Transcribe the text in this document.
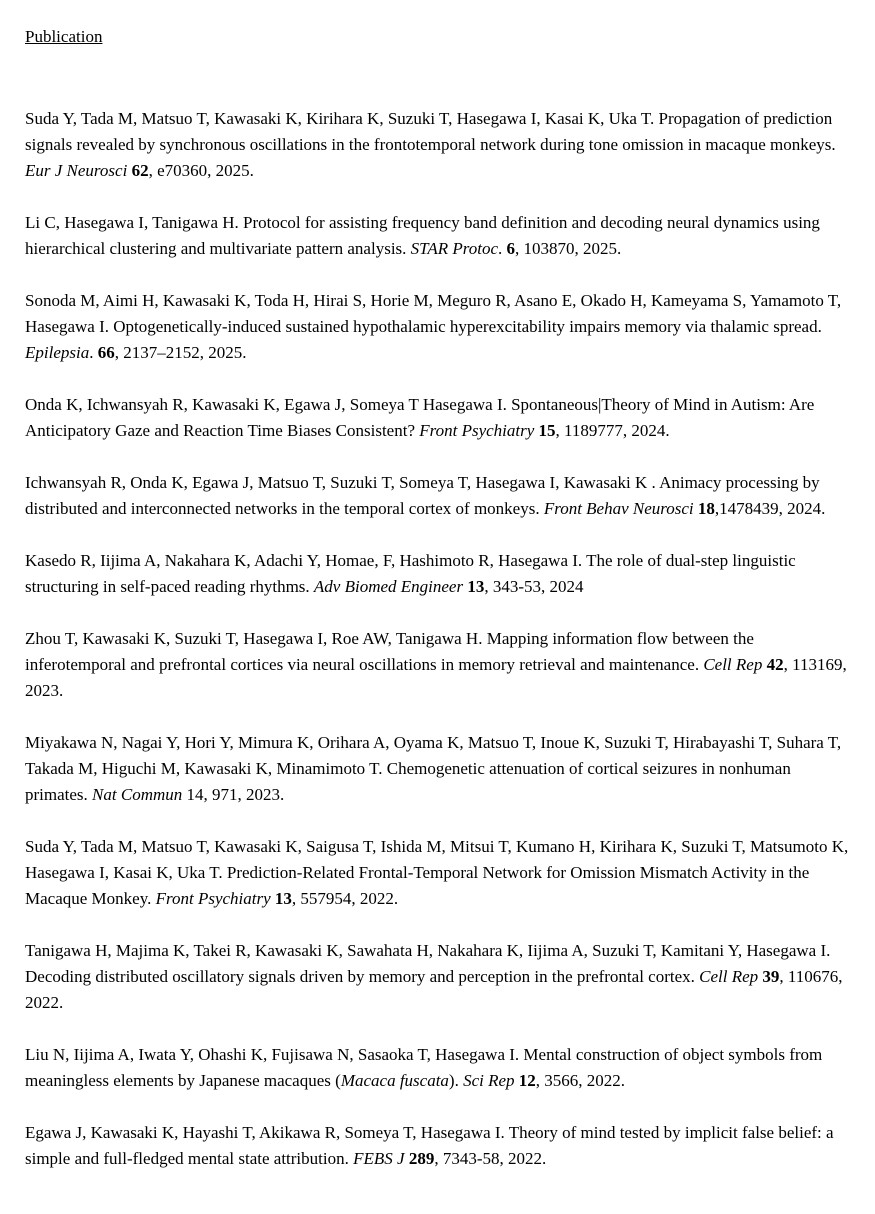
Publication

Suda Y, Tada M, Matsuo T, Kawasaki K, Kirihara K, Suzuki T, Hasegawa I, Kasai K, Uka T. Propagation of prediction signals revealed by synchronous oscillations in the frontotemporal network during tone omission in macaque monkeys. Eur J Neurosci 62, e70360, 2025.

Li C, Hasegawa I, Tanigawa H. Protocol for assisting frequency band definition and decoding neural dynamics using hierarchical clustering and multivariate pattern analysis. STAR Protoc. 6, 103870, 2025.

Sonoda M, Aimi H, Kawasaki K, Toda H, Hirai S, Horie M, Meguro R, Asano E, Okado H, Kameyama S, Yamamoto T, Hasegawa I. Optogenetically-induced sustained hypothalamic hyperexcitability impairs memory via thalamic spread. Epilepsia. 66, 2137–2152, 2025.

Onda K, Ichwansyah R, Kawasaki K, Egawa J, Someya T Hasegawa I. Spontaneous|Theory of Mind in Autism: Are Anticipatory Gaze and Reaction Time Biases Consistent? Front Psychiatry 15, 1189777, 2024.

Ichwansyah R, Onda K, Egawa J, Matsuo T, Suzuki T, Someya T, Hasegawa I, Kawasaki K . Animacy processing by distributed and interconnected networks in the temporal cortex of monkeys. Front Behav Neurosci 18,1478439, 2024.

Kasedo R, Iijima A, Nakahara K, Adachi Y, Homae, F, Hashimoto R, Hasegawa I. The role of dual-step linguistic structuring in self-paced reading rhythms. Adv Biomed Engineer 13, 343-53, 2024

Zhou T, Kawasaki K, Suzuki T, Hasegawa I, Roe AW, Tanigawa H. Mapping information flow between the inferotemporal and prefrontal cortices via neural oscillations in memory retrieval and maintenance. Cell Rep 42, 113169, 2023.

Miyakawa N, Nagai Y, Hori Y, Mimura K, Orihara A, Oyama K, Matsuo T, Inoue K, Suzuki T, Hirabayashi T, Suhara T, Takada M, Higuchi M, Kawasaki K, Minamimoto T. Chemogenetic attenuation of cortical seizures in nonhuman primates. Nat Commun 14, 971, 2023.

Suda Y, Tada M, Matsuo T, Kawasaki K, Saigusa T, Ishida M, Mitsui T, Kumano H, Kirihara K, Suzuki T, Matsumoto K, Hasegawa I, Kasai K, Uka T. Prediction-Related Frontal-Temporal Network for Omission Mismatch Activity in the Macaque Monkey. Front Psychiatry 13, 557954, 2022.

Tanigawa H, Majima K, Takei R, Kawasaki K, Sawahata H, Nakahara K, Iijima A, Suzuki T, Kamitani Y, Hasegawa I. Decoding distributed oscillatory signals driven by memory and perception in the prefrontal cortex. Cell Rep 39, 110676, 2022.

Liu N, Iijima A, Iwata Y, Ohashi K, Fujisawa N, Sasaoka T, Hasegawa I. Mental construction of object symbols from meaningless elements by Japanese macaques (Macaca fuscata). Sci Rep 12, 3566, 2022.

Egawa J, Kawasaki K, Hayashi T, Akikawa R, Someya T, Hasegawa I. Theory of mind tested by implicit false belief: a simple and full-fledged mental state attribution. FEBS J 289, 7343-58, 2022.
